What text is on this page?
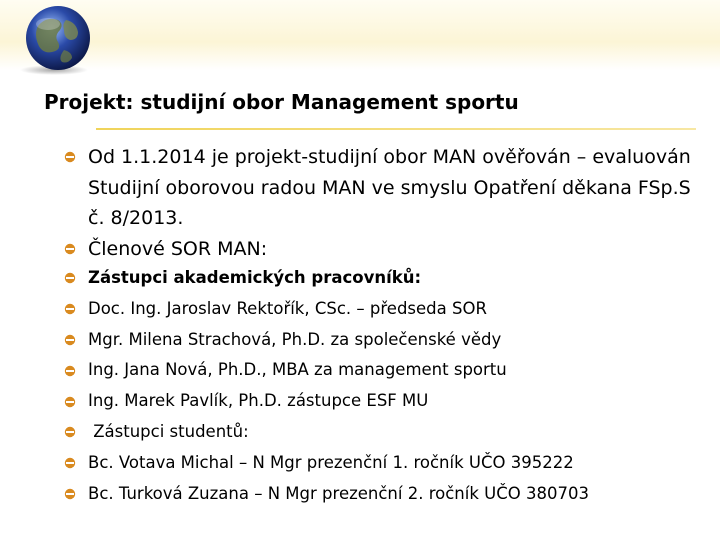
Projekt: studijní obor Management sportu
Od 1.1.2014 je projekt-studijní obor MAN ověřován – evaluován Studijní oborovou radou MAN ve smyslu Opatření děkana FSp.S č. 8/2013.
Členové SOR MAN:
Zástupci akademických pracovníků:
Doc. Ing. Jaroslav Rektořík, CSc. – předseda SOR
Mgr. Milena Strachová, Ph.D. za společenské vědy
Ing. Jana Nová, Ph.D., MBA za management sportu
Ing. Marek Pavlík, Ph.D. zástupce ESF MU
Zástupci studentů:
Bc. Votava Michal – N Mgr prezenční 1. ročník UČO 395222
Bc. Turková Zuzana – N Mgr prezenční 2. ročník UČO 380703
